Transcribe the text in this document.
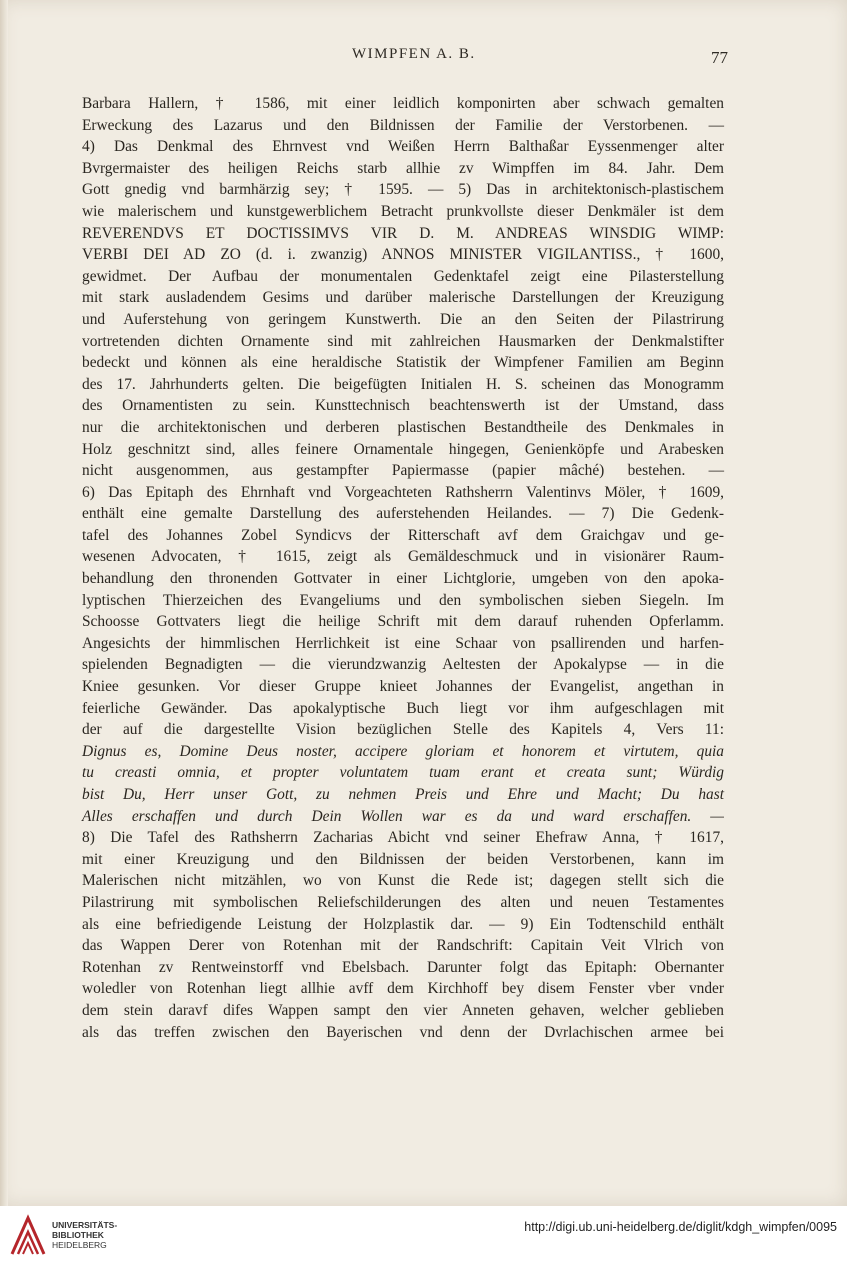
WIMPFEN A. B.	77
Barbara Hallern, † 1586, mit einer leidlich komponirten aber schwach gemalten
Erweckung des Lazarus und den Bildnissen der Familie der Verstorbenen. —
4) Das Denkmal des Ehrnvest vnd Weißen Herrn Balthaßar Eyssenmenger alter
Bvrgermaister des heiligen Reichs starb allhie zv Wimpffen im 84. Jahr. Dem
Gott gnedig vnd barmhärzig sey; † 1595. — 5) Das in architektonisch-plastischem
wie malerischem und kunstgewerblichem Betracht prunkvollste dieser Denkmäler ist dem
REVERENDVS ET DOCTISSIMVS VIR D. M. ANDREAS WINSDIG WIMP:
VERBI DEI AD ZO (d. i. zwanzig) ANNOS MINISTER VIGILANTISS., † 1600,
gewidmet. Der Aufbau der monumentalen Gedenktafel zeigt eine Pilasterstellung
mit stark ausladendem Gesims und darüber malerische Darstellungen der Kreuzigung
und Auferstehung von geringem Kunstwerth. Die an den Seiten der Pilastrirung
vortretenden dichten Ornamente sind mit zahlreichen Hausmarken der Denkmalstifter
bedeckt und können als eine heraldische Statistik der Wimpfener Familien am Beginn
des 17. Jahrhunderts gelten. Die beigefügten Initialen H. S. scheinen das Monogramm
des Ornamentisten zu sein. Kunsttechnisch beachtenswerth ist der Umstand, dass
nur die architektonischen und derberen plastischen Bestandtheile des Denkmales in
Holz geschnitzt sind, alles feinere Ornamentale hingegen, Genienköpfe und Arabesken
nicht ausgenommen, aus gestampfter Papiermasse (papier mâché) bestehen. —
6) Das Epitaph des Ehrnhaft vnd Vorgeachteten Rathsherrn Valentinvs Möler, † 1609,
enthält eine gemalte Darstellung des auferstehenden Heilandes. — 7) Die Gedenk-
tafel des Johannes Zobel Syndicvs der Ritterschaft avf dem Graichgav und ge-
wesenen Advocaten, † 1615, zeigt als Gemäldeschmuck und in visionärer Raum-
behandlung den thronenden Gottvater in einer Lichtglorie, umgeben von den apoka-
lyptischen Thierzeichen des Evangeliums und den symbolischen sieben Siegeln. Im
Schoosse Gottvaters liegt die heilige Schrift mit dem darauf ruhenden Opferlamm.
Angesichts der himmlischen Herrlichkeit ist eine Schaar von psallirenden und harfen-
spielenden Begnadigten — die vierundzwanzig Aeltesten der Apokalypse — in die
Kniee gesunken. Vor dieser Gruppe knieet Johannes der Evangelist, angethan in
feierliche Gewänder. Das apokalyptische Buch liegt vor ihm aufgeschlagen mit
der auf die dargestellte Vision bezüglichen Stelle des Kapitels 4, Vers 11:
Dignus es, Domine Deus noster, accipere gloriam et honorem et virtutem, quia
tu creasti omnia, et propter voluntatem tuam erant et creata sunt; Würdig
bist Du, Herr unser Gott, zu nehmen Preis und Ehre und Macht; Du hast
Alles erschaffen und durch Dein Wollen war es da und ward erschaffen. —
8) Die Tafel des Rathsherrn Zacharias Abicht vnd seiner Ehefraw Anna, † 1617,
mit einer Kreuzigung und den Bildnissen der beiden Verstorbenen, kann im
Malerischen nicht mitzählen, wo von Kunst die Rede ist; dagegen stellt sich die
Pilastrirung mit symbolischen Reliefschilderungen des alten und neuen Testamentes
als eine befriedigende Leistung der Holzplastik dar. — 9) Ein Todtenschild enthält
das Wappen Derer von Rotenhan mit der Randschrift: Capitain Veit Vlrich von
Rotenhan zv Rentweinstorff vnd Ebelsbach. Darunter folgt das Epitaph: Obernanter
woledler von Rotenhan liegt allhie avff dem Kirchhoff bey disem Fenster vber vnder
dem stein daravf difes Wappen sampt den vier Anneten gehaven, welcher geblieben
als das treffen zwischen den Bayerischen vnd denn der Dvrlachischen armee bei
UNIVERSITÄTS-
BIBLIOTHEK
HEIDELBERG
http://digi.ub.uni-heidelberg.de/diglit/kdgh_wimpfen/0095
